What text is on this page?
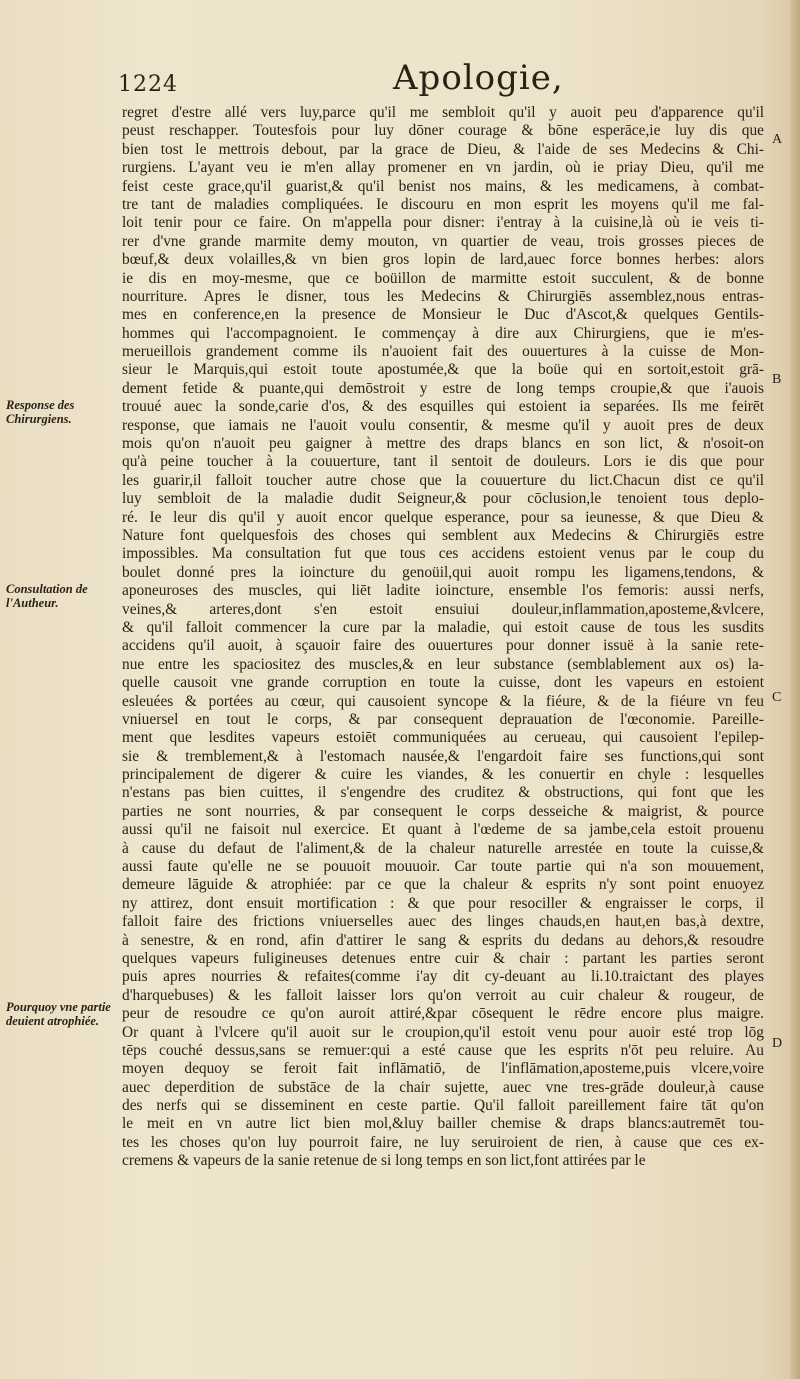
1224	Apologie,
Response des Chirurgiens.
Consultation de l'Autheur.
Pourquoy vne partie deuient atrophiée.
A
B
C
D
regret d'estre allé vers luy,parce qu'il me sembloit qu'il y auoit peu d'apparence qu'il
peust reschapper. Toutesfois pour luy dōner courage & bōne esperāce,ie luy dis que
bien tost le mettrois debout, par la grace de Dieu, & l'aide de ses Medecins & Chi-
rurgiens. L'ayant veu ie m'en allay promener en vn jardin, où ie priay Dieu, qu'il me
feist ceste grace,qu'il guarist,& qu'il benist nos mains, & les medicamens, à combat-
tre tant de maladies compliquées. Ie discouru en mon esprit les moyens qu'il me fal-
loit tenir pour ce faire. On m'appella pour disner: i'entray à la cuisine,là où ie veis ti-
rer d'vne grande marmite demy mouton, vn quartier de veau, trois grosses pieces de
bœuf,& deux volailles,& vn bien gros lopin de lard,auec force bonnes herbes: alors
ie dis en moy-mesme, que ce boüillon de marmitte estoit succulent, & de bonne
nourriture. Apres le disner, tous les Medecins & Chirurgiēs assemblez,nous entras-
mes en conference,en la presence de Monsieur le Duc d'Ascot,& quelques Gentils-
hommes qui l'accompagnoient. Ie commençay à dire aux Chirurgiens, que ie m'es-
merueillois grandement comme ils n'auoient fait des ouuertures à la cuisse de Mon-
sieur le Marquis,qui estoit toute apostumée,& que la boüe qui en sortoit,estoit grā-
dement fetide & puante,qui demōstroit y estre de long temps croupie,& que i'auois
trouué auec la sonde,carie d'os, & des esquilles qui estoient ia separées. Ils me feirēt
response, que iamais ne l'auoit voulu consentir, & mesme qu'il y auoit pres de deux
mois qu'on n'auoit peu gaigner à mettre des draps blancs en son lict, & n'osoit-on
qu'à peine toucher à la couuerture, tant il sentoit de douleurs. Lors ie dis que pour
les guarir,il falloit toucher autre chose que la couuerture du lict.Chacun dist ce qu'il
luy sembloit de la maladie dudit Seigneur,& pour cōclusion,le tenoient tous deplo-
ré. Ie leur dis qu'il y auoit encor quelque esperance, pour sa ieunesse, & que Dieu &
Nature font quelquesfois des choses qui semblent aux Medecins & Chirurgiēs estre
impossibles. Ma consultation fut que tous ces accidens estoient venus par le coup du
boulet donné pres la ioincture du genoüil,qui auoit rompu les ligamens,tendons, &
aponeuroses des muscles, qui liēt ladite ioincture, ensemble l'os femoris: aussi nerfs,
veines,& arteres,dont s'en estoit ensuiui douleur,inflammation,apostеme,&vlcere,
& qu'il falloit commencer la cure par la maladie, qui estoit cause de tous les susdits
accidens qu'il auoit, à sçauoir faire des ouuertures pour donner issuë à la sanie rete-
nue entre les spaciositez des muscles,& en leur substance (semblablement aux os) la-
quelle causoit vne grande corruption en toute la cuisse, dont les vapeurs en estoient
esleuées & portées au cœur, qui causoient syncope & la fiéure, & de la fiéure vn feu
vniuersel en tout le corps, & par consequent deprauation de l'œconomie. Pareille-
ment que lesdites vapeurs estoiēt communiquées au cerueau, qui causoient l'epilep-
sie & tremblement,& à l'estomach nausée,& l'engardoit faire ses functions,qui sont
principalement de digerer & cuire les viandes, & les conuertir en chyle : lesquelles
n'estans pas bien cuittes, il s'engendre des cruditez & obstructions, qui font que les
parties ne sont nourries, & par consequent le corps desseiche & maigrist, & pource
aussi qu'il ne faisoit nul exercice. Et quant à l'œdeme de sa jambe,cela estoit prouenu
à cause du defaut de l'aliment,& de la chaleur naturelle arrestée en toute la cuisse,&
aussi faute qu'elle ne se pouuoit mouuoir. Car toute partie qui n'a son mouuement,
demeure lāguide & atrophiée: par ce que la chaleur & esprits n'y sont point enuoyez
ny attirez, dont ensuit mortification : & que pour resociller & engraisser le corps, il
falloit faire des frictions vniuerselles auec des linges chauds,en haut,en bas,à dextre,
à senestre, & en rond, afin d'attirer le sang & esprits du dedans au dehors,& resoudre
quelques vapeurs fuligineuses detenues entre cuir & chair : partant les parties seront
puis apres nourries & refaites(comme i'ay dit cy-deuant au li.10.traictant des playes
d'harquebuses) & les falloit laisser lors qu'on verroit au cuir chaleur & rougeur, de
peur de resoudre ce qu'on auroit attiré,&par cōsequent le rēdre encore plus maigre.
Or quant à l'vlcere qu'il auoit sur le croupion,qu'il estoit venu pour auoir esté trop lōg
tēps couché dessus,sans se remuer:qui a esté cause que les esprits n'ōt peu reluire. Au
moyen dequoy se feroit fait inflāmatiō, de l'inflāmation,apostеme,puis vlcere,voire
auec deperdition de substāce de la chair sujette, auec vne tres-grāde douleur,à cause
des nerfs qui se disseminent en ceste partie. Qu'il falloit pareillement faire tāt qu'on
le meit en vn autre lict bien mol,&luy bailler chemise & draps blancs:autremēt tou-
tes les choses qu'on luy pourroit faire, ne luy seruiroient de rien, à cause que ces ex-
cremens & vapeurs de la sanie retenue de si long temps en son lict,font attirées par le
